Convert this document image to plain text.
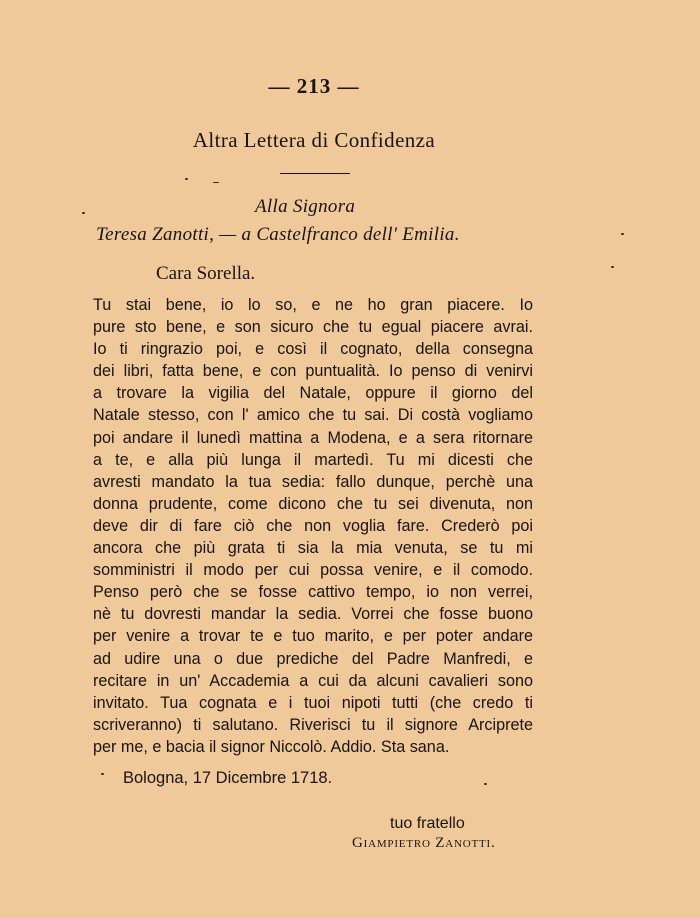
— 213 —
Altra Lettera di Confidenza
Alla Signora
Teresa Zanotti, — a Castelfranco dell' Emilia.
Cara Sorella.
Tu stai bene, io lo so, e ne ho gran piacere. Io
pure sto bene, e son sicuro che tu egual piacere avrai.
Io ti ringrazio poi, e così il cognato, della consegna
dei libri, fatta bene, e con puntualità. Io penso di venirvi
a trovare la vigilia del Natale, oppure il giorno del
Natale stesso, con l' amico che tu sai. Di costà vogliamo
poi andare il lunedì mattina a Modena, e a sera ritornare
a te, e alla più lunga il martedì. Tu mi dicesti che
avresti mandato la tua sedia: fallo dunque, perchè una
donna prudente, come dicono che tu sei divenuta, non
deve dir di fare ciò che non voglia fare. Crederò poi
ancora che più grata ti sia la mia venuta, se tu mi
somministri il modo per cui possa venire, e il comodo.
Penso però che se fosse cattivo tempo, io non verrei,
nè tu dovresti mandar la sedia. Vorrei che fosse buono
per venire a trovar te e tuo marito, e per poter andare
ad udire una o due prediche del Padre Manfredi, e
recitare in un' Accademia a cui da alcuni cavalieri sono
invitato. Tua cognata e i tuoi nipoti tutti (che credo ti
scriveranno) ti salutano. Riverisci tu il signore Arciprete
per me, e bacia il signor Niccolò. Addio. Sta sana.
Bologna, 17 Dicembre 1718.
tuo fratello
Giampietro Zanotti.
